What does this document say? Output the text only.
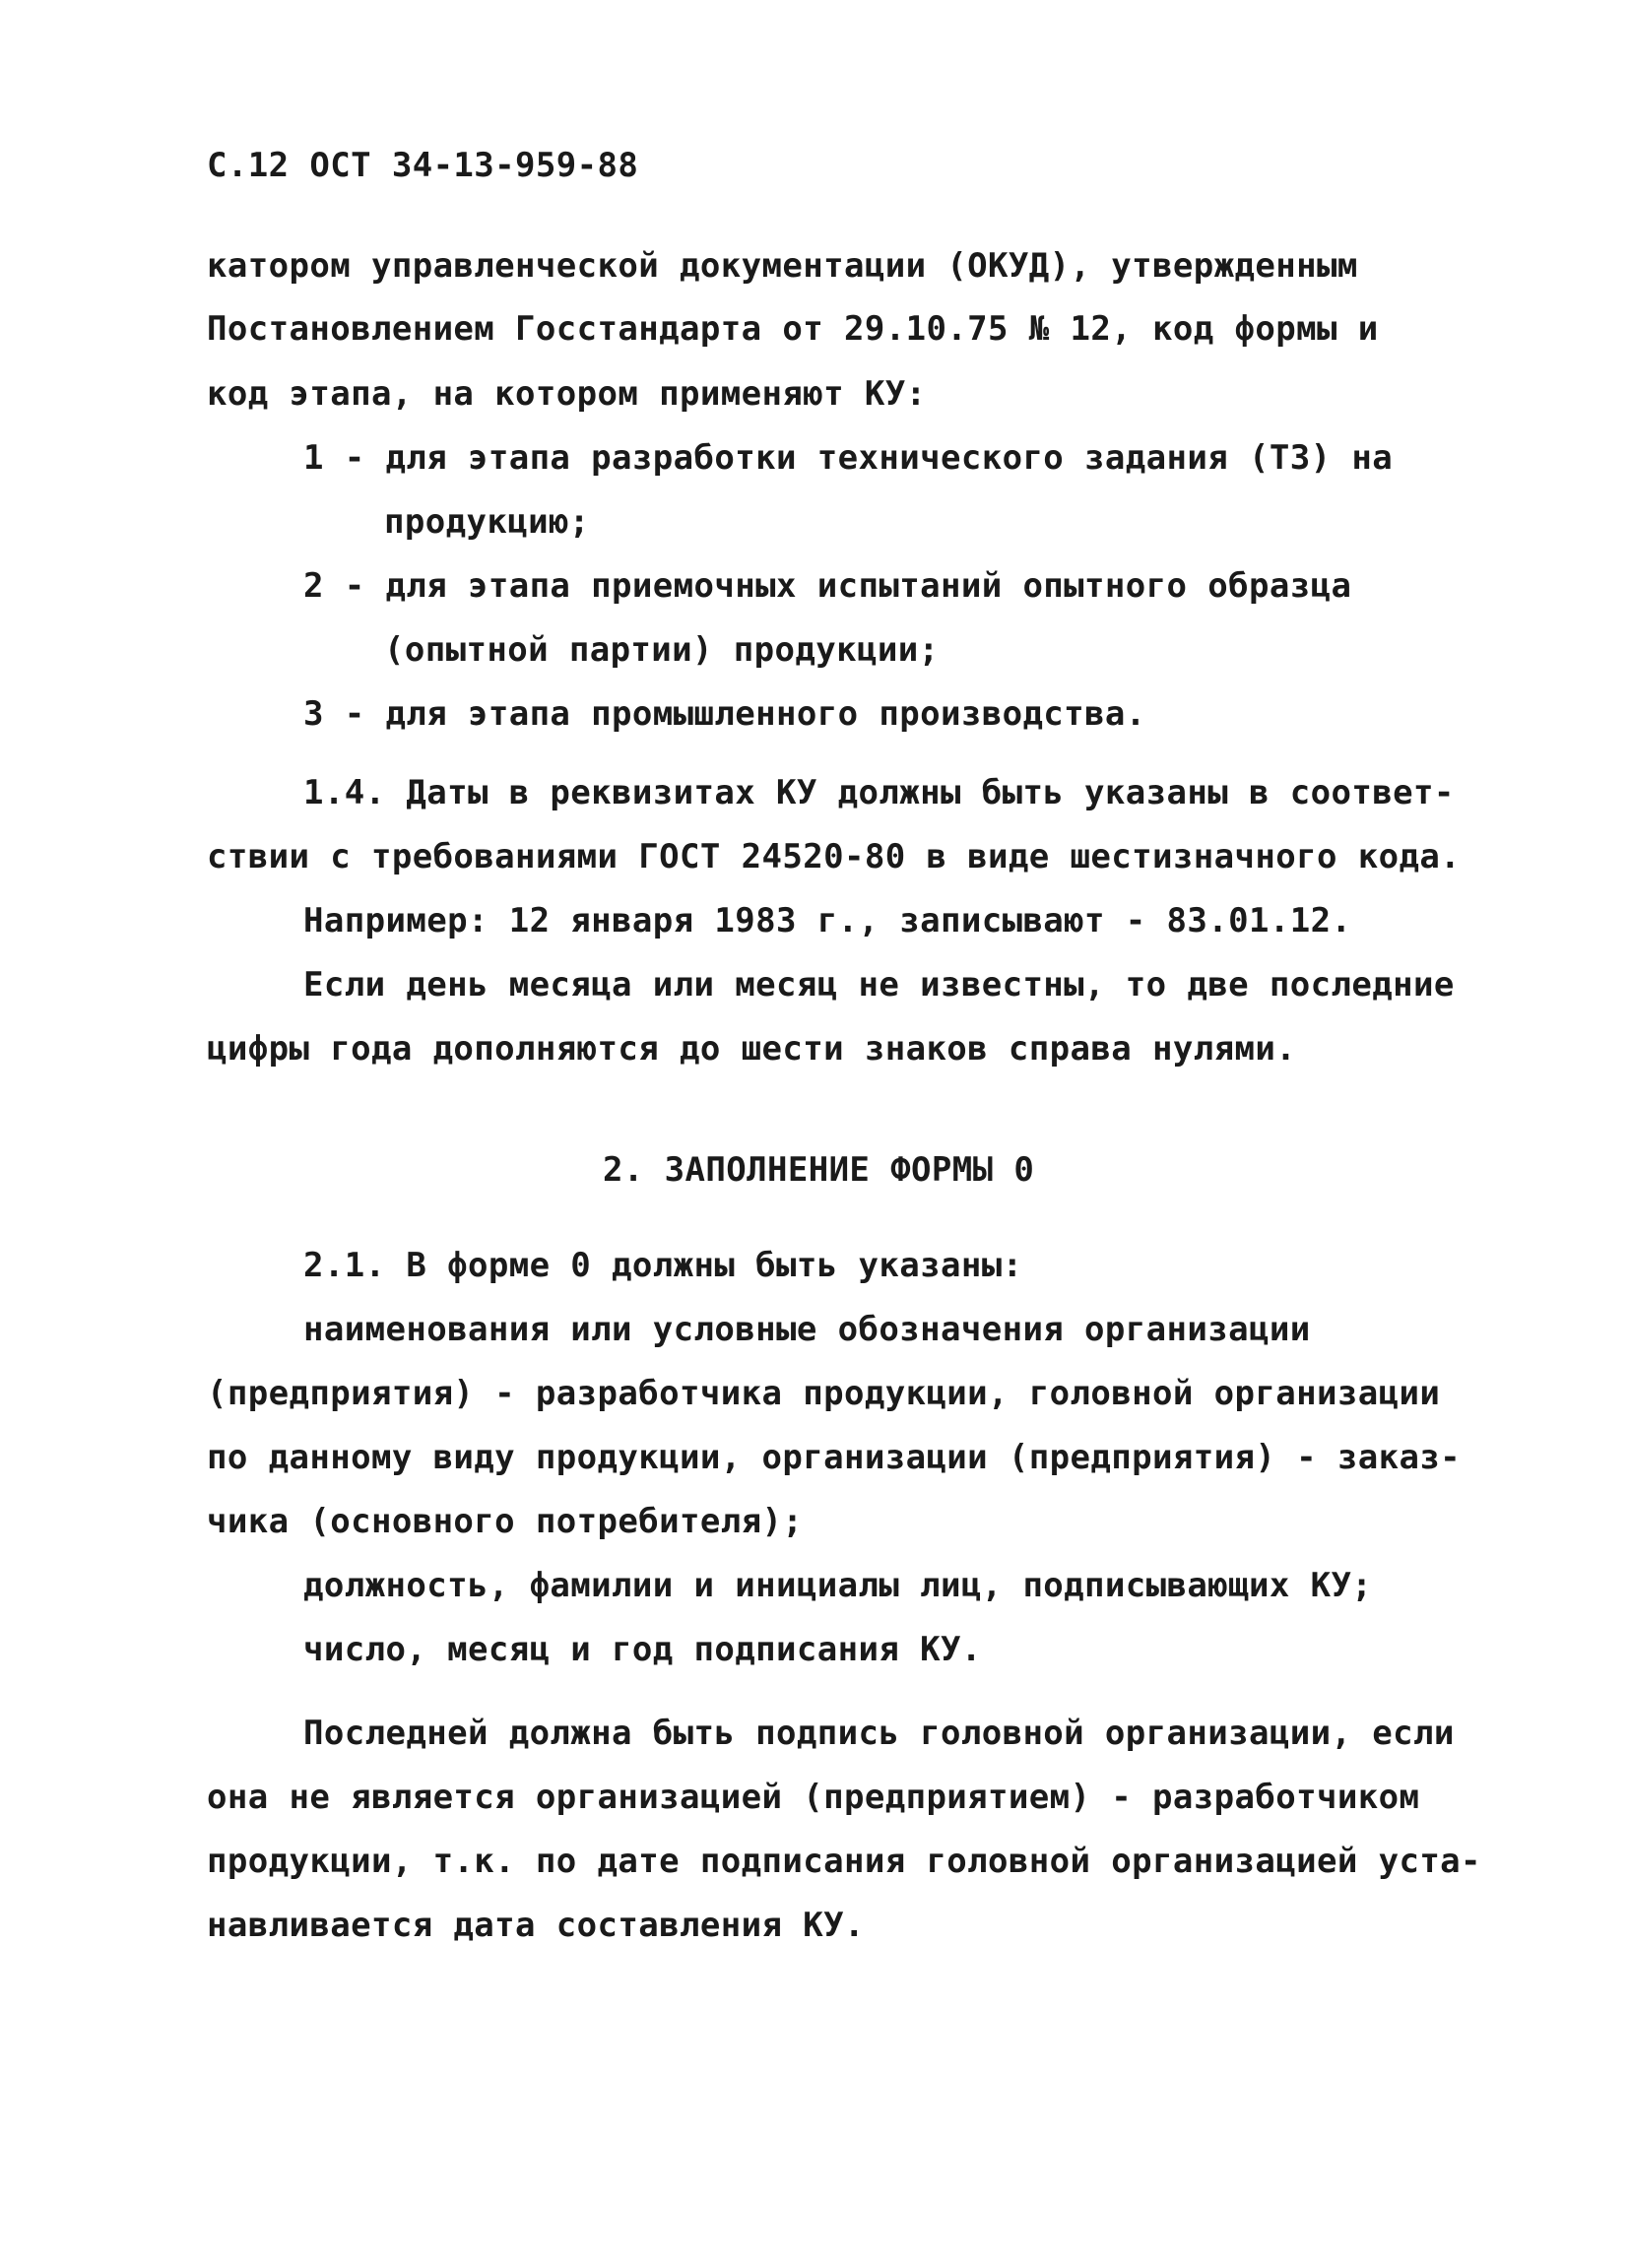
С.12 ОСТ 34-13-959-88
катором управленческой документации (ОКУД), утвержденным
Постановлением Госстандарта от 29.10.75 № 12, код формы и
код этапа, на котором применяют КУ:
1 - для этапа разработки технического задания (ТЗ) на
продукцию;
2 - для этапа приемочных испытаний опытного образца
(опытной партии) продукции;
3 - для этапа промышленного производства.
1.4. Даты в реквизитах КУ должны быть указаны в соответ-
ствии с требованиями ГОСТ 24520-80 в виде шестизначного кода.
Например: 12 января 1983 г., записывают - 83.01.12.
Если день месяца или месяц не известны, то две последние
цифры года дополняются до шести знаков справа нулями.
2. ЗАПОЛНЕНИЕ ФОРМЫ 0
2.1. В форме 0 должны быть указаны:
наименования или условные обозначения организации
(предприятия) - разработчика продукции, головной организации
по данному виду продукции, организации (предприятия) - заказ-
чика (основного потребителя);
должность, фамилии и инициалы лиц, подписывающих КУ;
число, месяц и год подписания КУ.
Последней должна быть подпись головной организации, если
она не является организацией (предприятием) - разработчиком
продукции, т.к. по дате подписания головной организацией уста-
навливается дата составления КУ.
